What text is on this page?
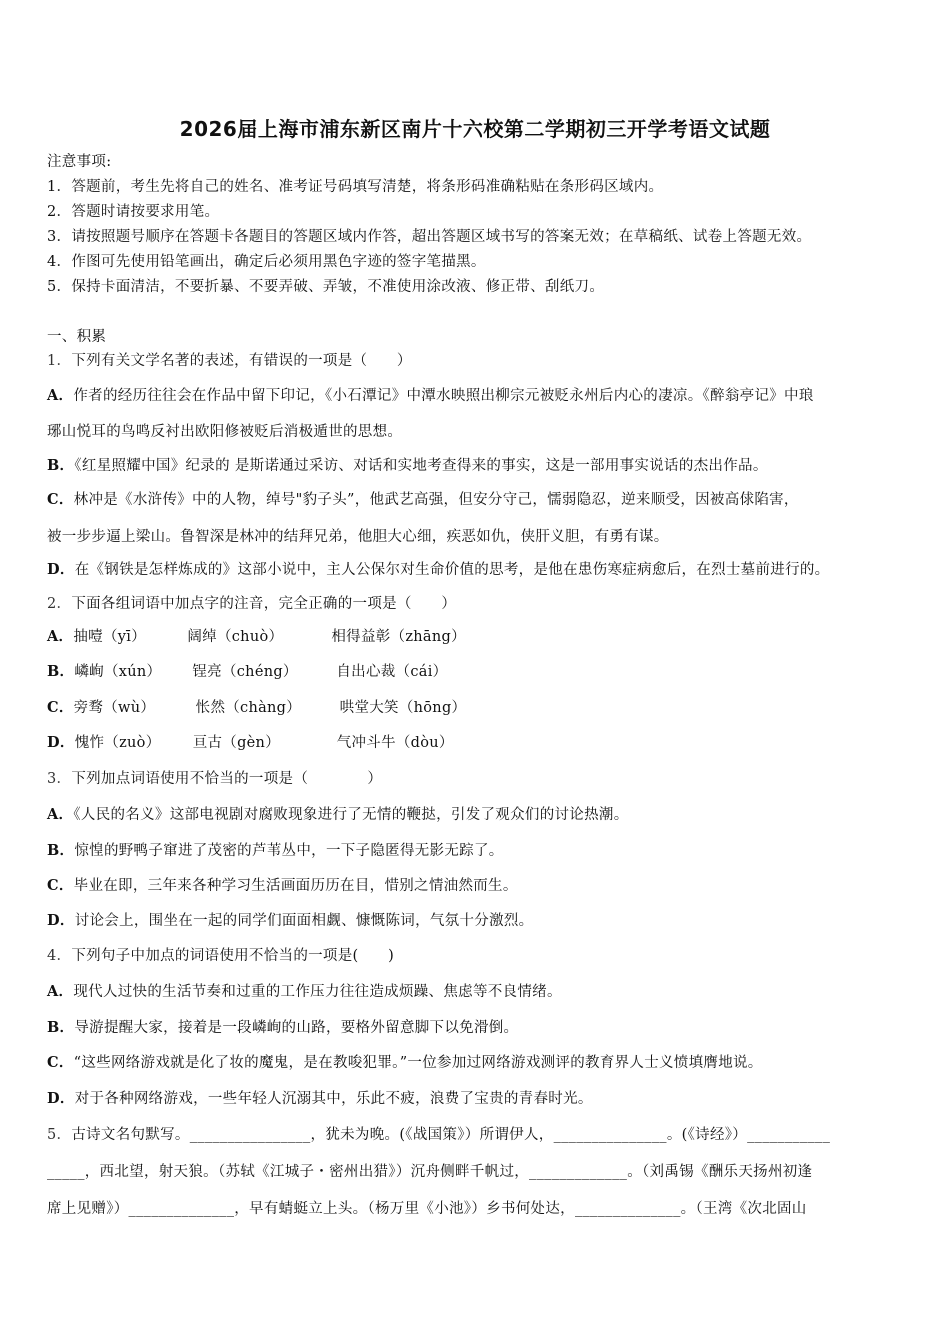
2026届上海市浦东新区南片十六校第二学期初三开学考语文试题
注意事项:
1．答题前，考生先将自己的姓名、准考证号码填写清楚，将条形码准确粘贴在条形码区域内。
2．答题时请按要求用笔。
3．请按照题号顺序在答题卡各题目的答题区域内作答，超出答题区域书写的答案无效；在草稿纸、试卷上答题无效。
4．作图可先使用铅笔画出，确定后必须用黑色字迹的签字笔描黑。
5．保持卡面清洁，不要折暴、不要弄破、弄皱，不准使用涂改液、修正带、刮纸刀。
一、积累
1．下列有关文学名著的表述，有错误的一项是（　　）
A．作者的经历往往会在作品中留下印记，《小石潭记》中潭水映照出柳宗元被贬永州后内心的凄凉。《醉翁亭记》中琅
琊山悦耳的鸟鸣反衬出欧阳修被贬后消极遁世的思想。
B．《红星照耀中国》纪录的 是斯诺通过采访、对话和实地考查得来的事实，这是一部用事实说话的杰出作品。
C．林冲是《水浒传》中的人物，绰号"豹子头”，他武艺高强，但安分守己，懦弱隐忍，逆来顺受，因被高俅陷害，
被一步步逼上梁山。鲁智深是林冲的结拜兄弟，他胆大心细，疾恶如仇，侠肝义胆，有勇有谋。
D．在《钢铁是怎样炼成的》这部小说中，主人公保尔对生命价值的思考，是他在患伤寒症病愈后，在烈士墓前进行的。
2．下面各组词语中加点字的注音，完全正确的一项是（　　）
A．抽噎（yī）	阔绰（chuò）	相得益彰（zhāng）
B．嶙峋（xún） 锃亮（chéng）	自出心裁（cái）
C．旁骛（wù）	怅然（chàng）	哄堂大笑（hōng）
D．愧怍（zuò） 亘古（gèn）	气冲斗牛（dòu）
3．下列加点词语使用不恰当的一项是（　　　　）
A．《人民的名义》这部电视剧对腐败现象进行了无情的鞭挞，引发了观众们的讨论热潮。
B．惊惶的野鸭子窜进了茂密的芦苇丛中，一下子隐匿得无影无踪了。
C．毕业在即，三年来各种学习生活画面历历在目，惜别之情油然而生。
D．讨论会上，围坐在一起的同学们面面相觑、慷慨陈词，气氛十分激烈。
4．下列句子中加点的词语使用不恰当的一项是(　　)
A．现代人过快的生活节奏和过重的工作压力往往造成烦躁、焦虑等不良情绪。
B．导游提醒大家，接着是一段嶙峋的山路，要格外留意脚下以免滑倒。
C．“这些网络游戏就是化了妆的魔鬼，是在教唆犯罪。”一位参加过网络游戏测评的教育界人士义愤填膺地说。
D．对于各种网络游戏，一些年轻人沉溺其中，乐此不疲，浪费了宝贵的青春时光。
5．古诗文名句默写。________________，犹未为晚。(《战国策》）所谓伊人，_______________。(《诗经》）___________
_____，西北望，射天狼。（苏轼《江城子・密州出猎》）沉舟侧畔千帆过，_____________。（刘禹锡《酬乐天扬州初逢
席上见赠》）______________，早有蜻蜓立上头。（杨万里《小池》）乡书何处达，______________。（王湾《次北固山
